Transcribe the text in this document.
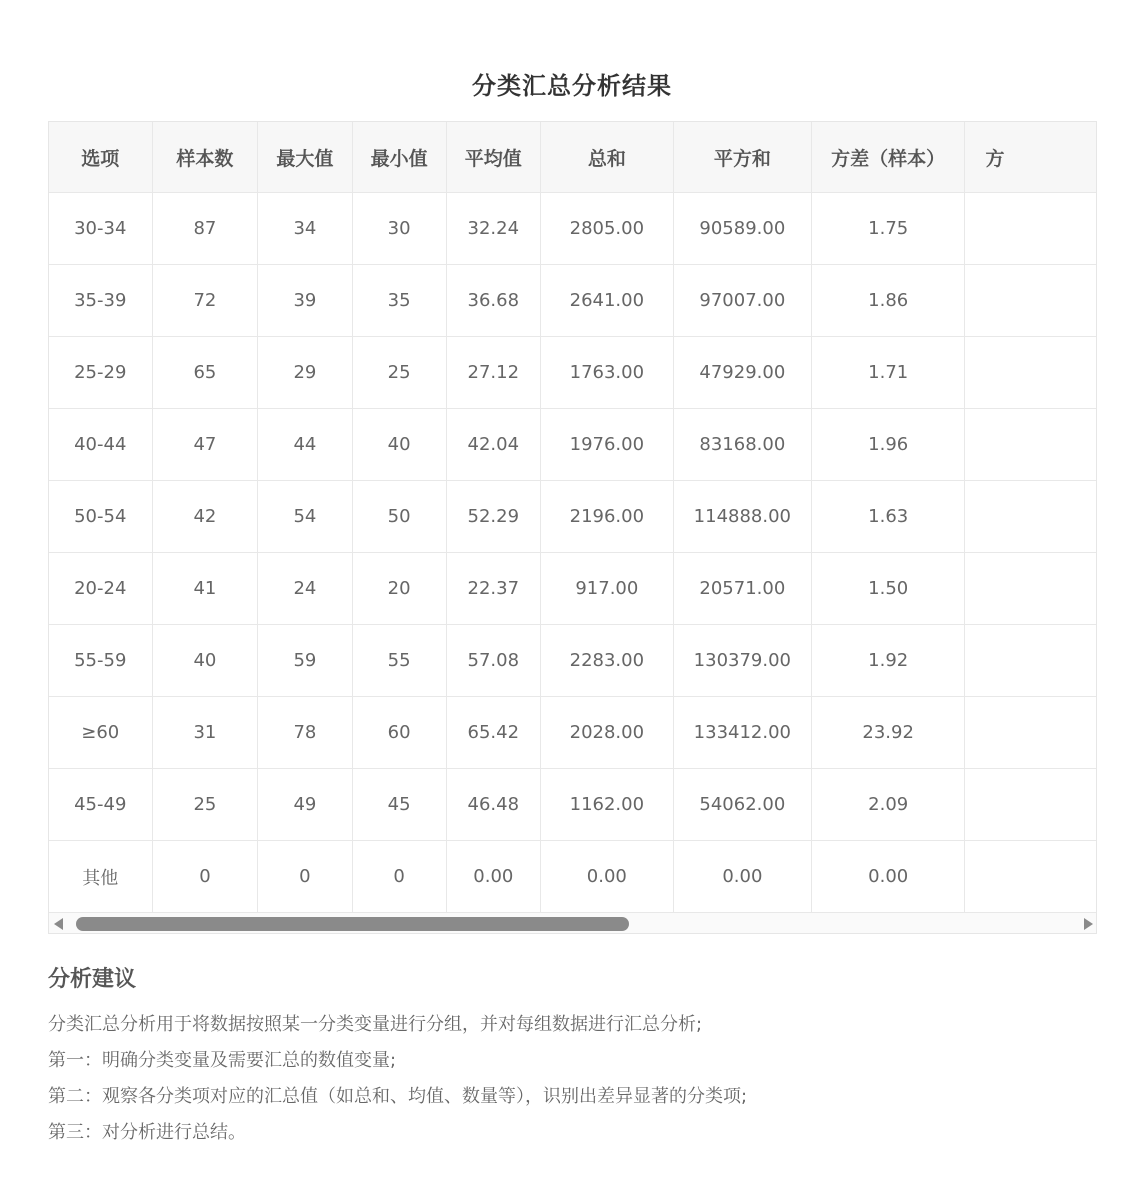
分类汇总分析结果
选项	样本数	最大值	最小值	平均值	总和	平方和	方差（样本）	方
30-34	87	34	30	32.24	2805.00	90589.00	1.75	
35-39	72	39	35	36.68	2641.00	97007.00	1.86	
25-29	65	29	25	27.12	1763.00	47929.00	1.71	
40-44	47	44	40	42.04	1976.00	83168.00	1.96	
50-54	42	54	50	52.29	2196.00	114888.00	1.63	
20-24	41	24	20	22.37	917.00	20571.00	1.50	
55-59	40	59	55	57.08	2283.00	130379.00	1.92	
≥60	31	78	60	65.42	2028.00	133412.00	23.92	
45-49	25	49	45	46.48	1162.00	54062.00	2.09	
其他	0	0	0	0.00	0.00	0.00	0.00	
分析建议

分类汇总分析用于将数据按照某一分类变量进行分组，并对每组数据进行汇总分析;

第一：明确分类变量及需要汇总的数值变量;

第二：观察各分类项对应的汇总值（如总和、均值、数量等），识别出差异显著的分类项;

第三：对分析进行总结。
